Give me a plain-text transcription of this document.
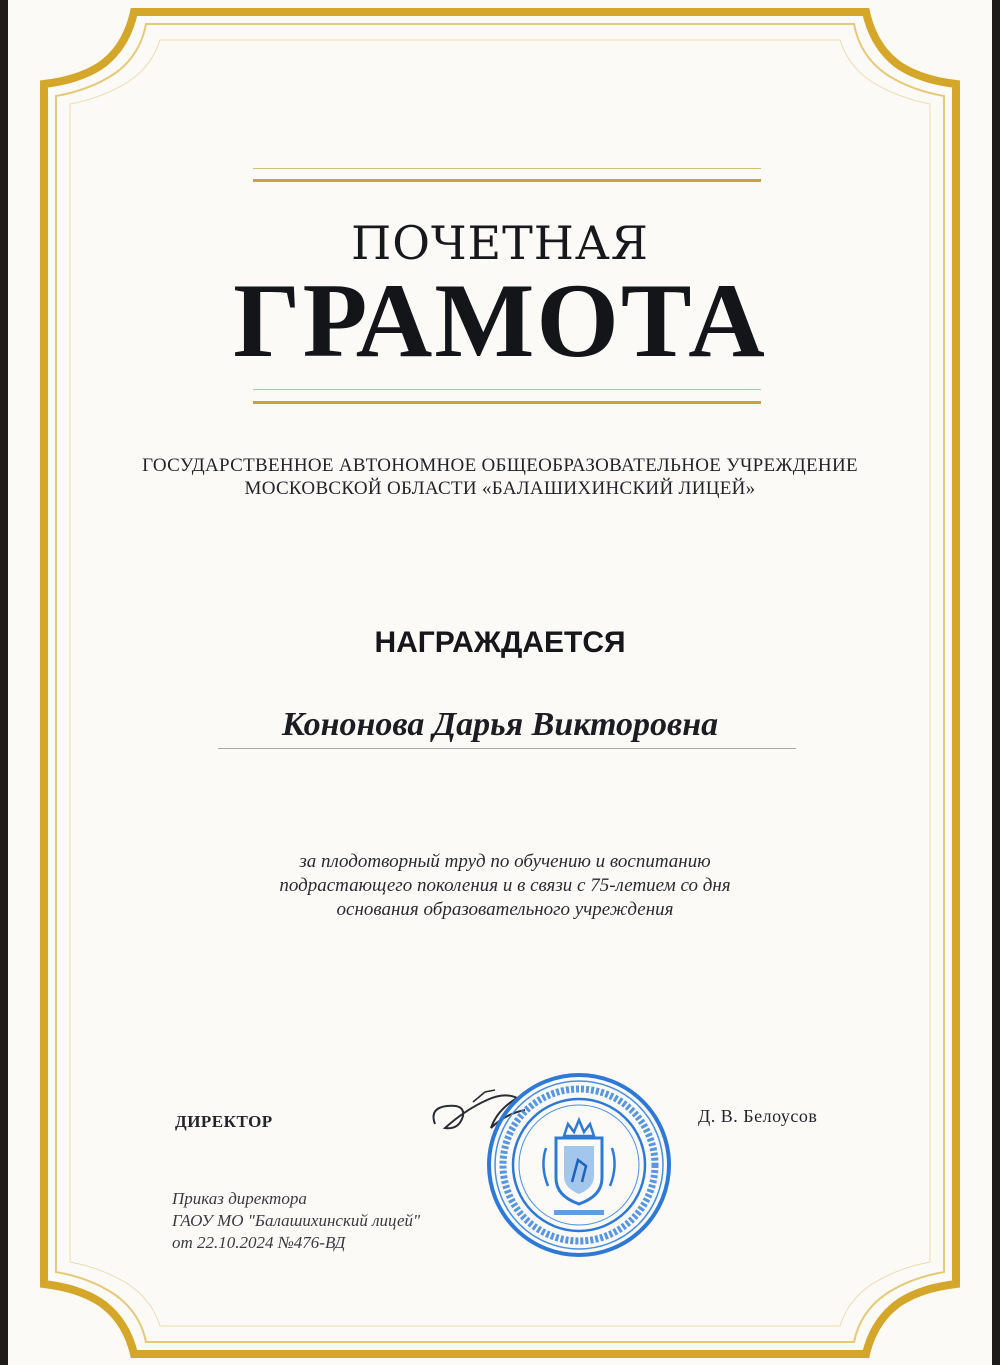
ПОЧЕТНАЯ
ГРАМОТА
ГОСУДАРСТВЕННОЕ АВТОНОМНОЕ ОБЩЕОБРАЗОВАТЕЛЬНОЕ УЧРЕЖДЕНИЕ
МОСКОВСКОЙ ОБЛАСТИ «БАЛАШИХИНСКИЙ ЛИЦЕЙ»
НАГРАЖДАЕТСЯ
Кононова Дарья Викторовна
за плодотворный труд по обучению и воспитанию
подрастающего поколения и в связи с 75-летием со дня
основания образовательного учреждения
ДИРЕКТОР	Д. В. Белоусов
Приказ директора
ГАОУ МО "Балашихинский лицей"
от 22.10.2024 №476-ВД
